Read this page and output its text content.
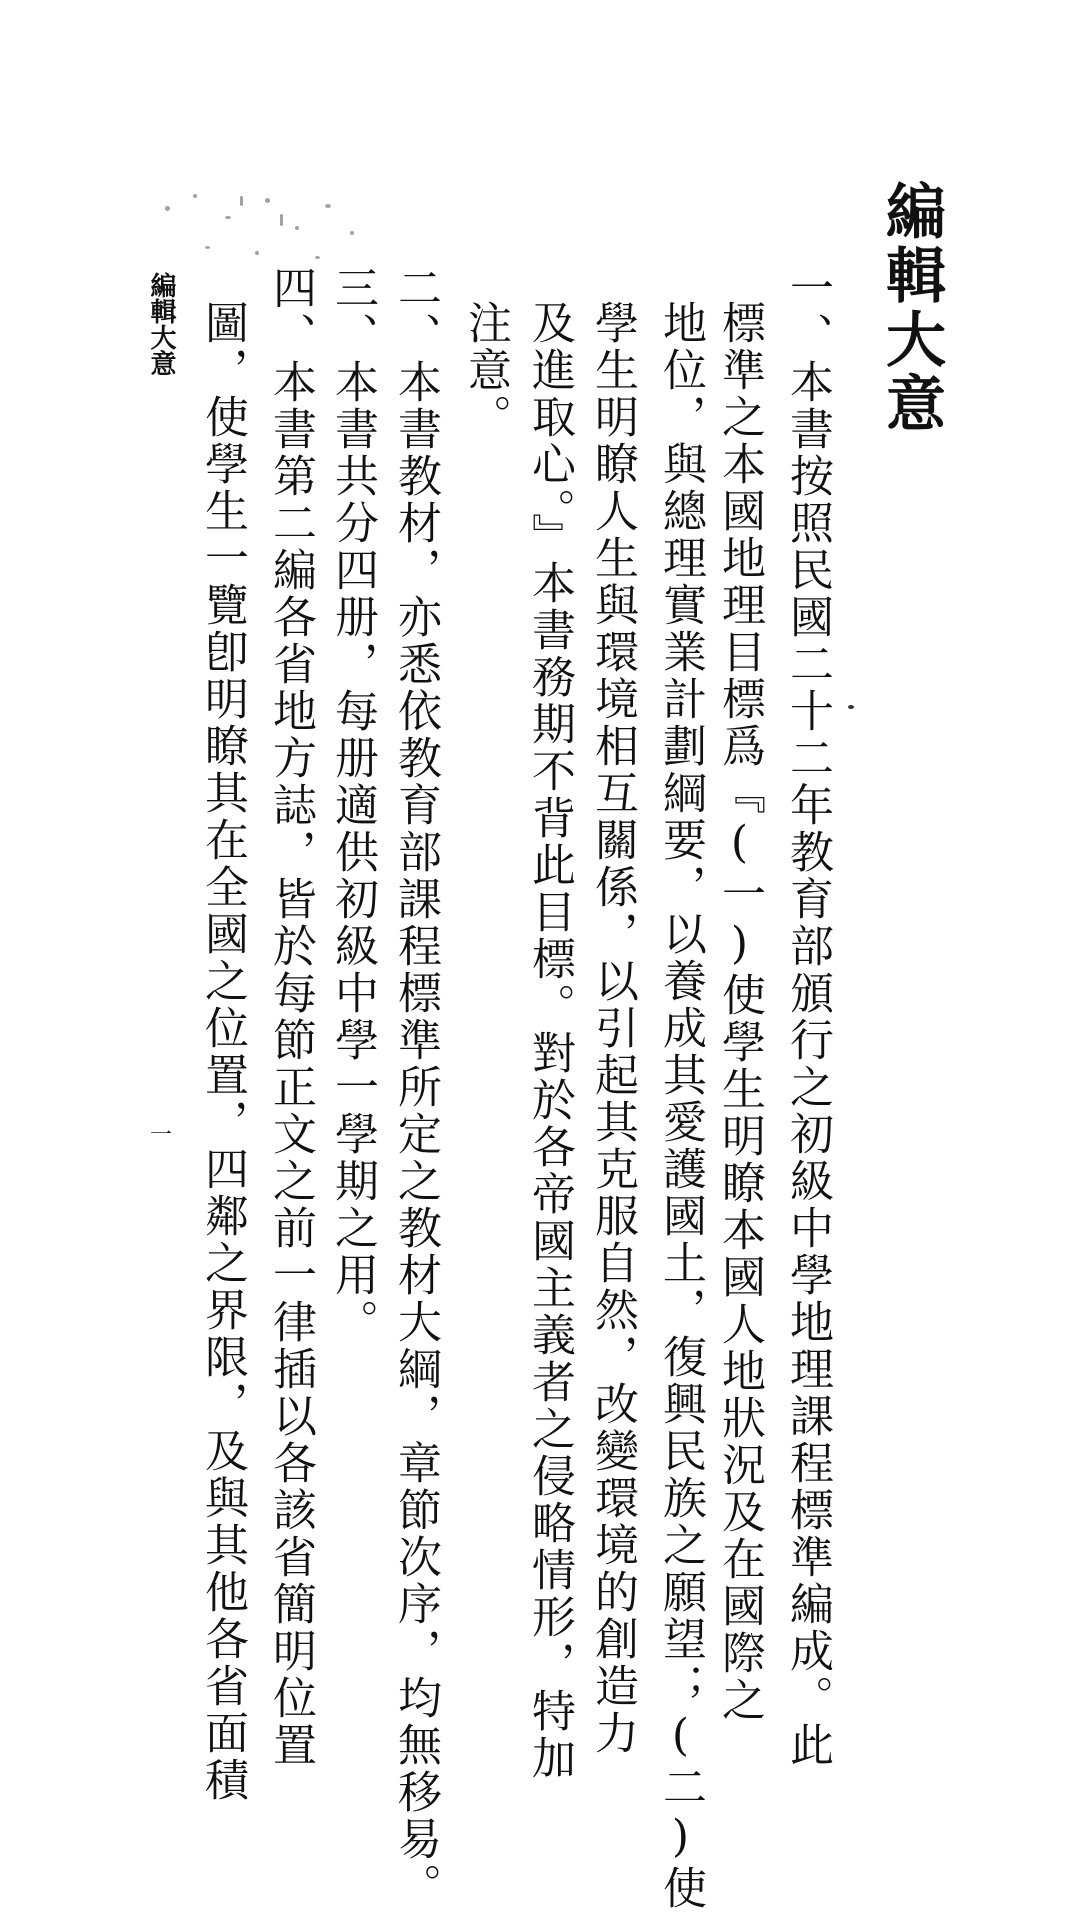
編輯大意
一、本書按照民國二十二年教育部頒行之初級中學地理課程標準編成。此
標準之本國地理目標爲『(一)使學生明瞭本國人地狀況及在國際之
地位，與總理實業計劃綱要，以養成其愛護國土，復興民族之願望；(二)使
學生明瞭人生與環境相互關係，以引起其克服自然，改變環境的創造力
及進取心。』本書務期不背此目標。對於各帝國主義者之侵略情形，特加
注意。
二、本書教材，亦悉依教育部課程標準所定之教材大綱，章節次序，均無移易。
三、本書共分四册，每册適供初級中學一學期之用。
四、本書第二編各省地方誌，皆於每節正文之前一律插以各該省簡明位置
圖，使學生一覽卽明瞭其在全國之位置，四鄰之界限，及與其他各省面積
編輯大意
一
